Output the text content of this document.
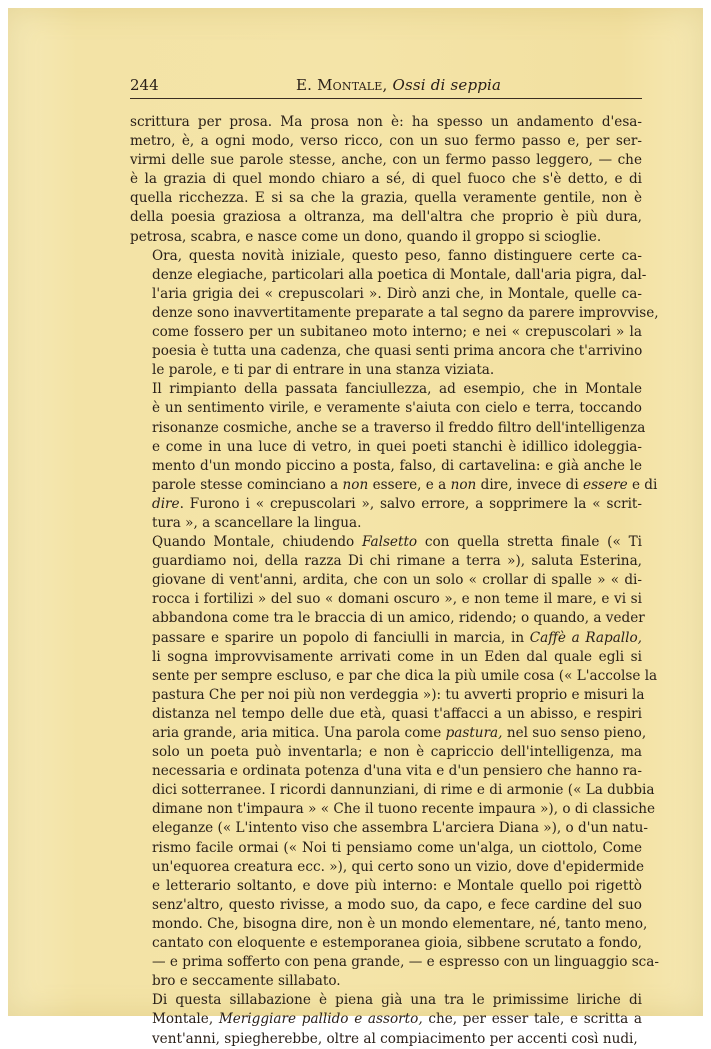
244	E. Montale, Ossi di seppia

scrittura per prosa. Ma prosa non è: ha spesso un andamento d'esa-
metro, è, a ogni modo, verso ricco, con un suo fermo passo e, per ser-
virmi delle sue parole stesse, anche, con un fermo passo leggero, — che
è la grazia di quel mondo chiaro a sé, di quel fuoco che s'è detto, e di
quella ricchezza. E si sa che la grazia, quella veramente gentile, non è
della poesia graziosa a oltranza, ma dell'altra che proprio è più dura,
petrosa, scabra, e nasce come un dono, quando il groppo si scioglie.

Ora, questa novità iniziale, questo peso, fanno distinguere certe ca-
denze elegiache, particolari alla poetica di Montale, dall'aria pigra, dal-
l'aria grigia dei « crepuscolari ». Dirò anzi che, in Montale, quelle ca-
denze sono inavvertitamente preparate a tal segno da parere improvvise,
come fossero per un subitaneo moto interno; e nei « crepuscolari » la
poesia è tutta una cadenza, che quasi senti prima ancora che t'arrivino
le parole, e ti par di entrare in una stanza viziata.

Il rimpianto della passata fanciullezza, ad esempio, che in Montale
è un sentimento virile, e veramente s'aiuta con cielo e terra, toccando
risonanze cosmiche, anche se a traverso il freddo filtro dell'intelligenza
e come in una luce di vetro, in quei poeti stanchi è idillico idoleggia-
mento d'un mondo piccino a posta, falso, di cartavelina: e già anche le
parole stesse cominciano a non essere, e a non dire, invece di essere e di
dire. Furono i « crepuscolari », salvo errore, a sopprimere la « scrit-
tura », a scancellare la lingua.

Quando Montale, chiudendo Falsetto con quella stretta finale (« Ti
guardiamo noi, della razza Di chi rimane a terra »), saluta Esterina,
giovane di vent'anni, ardita, che con un solo « crollar di spalle » « di-
rocca i fortilizi » del suo « domani oscuro », e non teme il mare, e vi si
abbandona come tra le braccia di un amico, ridendo; o quando, a veder
passare e sparire un popolo di fanciulli in marcia, in Caffè a Rapallo,
li sogna improvvisamente arrivati come in un Eden dal quale egli si
sente per sempre escluso, e par che dica la più umile cosa (« L'accolse la
pastura Che per noi più non verdeggia »): tu avverti proprio e misuri la
distanza nel tempo delle due età, quasi t'affacci a un abisso, e respiri
aria grande, aria mitica. Una parola come pastura, nel suo senso pieno,
solo un poeta può inventarla; e non è capriccio dell'intelligenza, ma
necessaria e ordinata potenza d'una vita e d'un pensiero che hanno ra-
dici sotterranee. I ricordi dannunziani, di rime e di armonie (« La dubbia
dimane non t'impaura » « Che il tuono recente impaura »), o di classiche
eleganze (« L'intento viso che assembra L'arciera Diana »), o d'un natu-
rismo facile ormai (« Noi ti pensiamo come un'alga, un ciottolo, Come
un'equorea creatura ecc. »), qui certo sono un vizio, dove d'epidermide
e letterario soltanto, e dove più interno: e Montale quello poi rigettò
senz'altro, questo rivisse, a modo suo, da capo, e fece cardine del suo
mondo. Che, bisogna dire, non è un mondo elementare, né, tanto meno,
cantato con eloquente e estemporanea gioia, sibbene scrutato a fondo,
— e prima sofferto con pena grande, — e espresso con un linguaggio sca-
bro e seccamente sillabato.

Di questa sillabazione è piena già una tra le primissime liriche di
Montale, Meriggiare pallido e assorto, che, per esser tale, e scritta a
vent'anni, spiegherebbe, oltre al compiacimento per accenti così nudi,
